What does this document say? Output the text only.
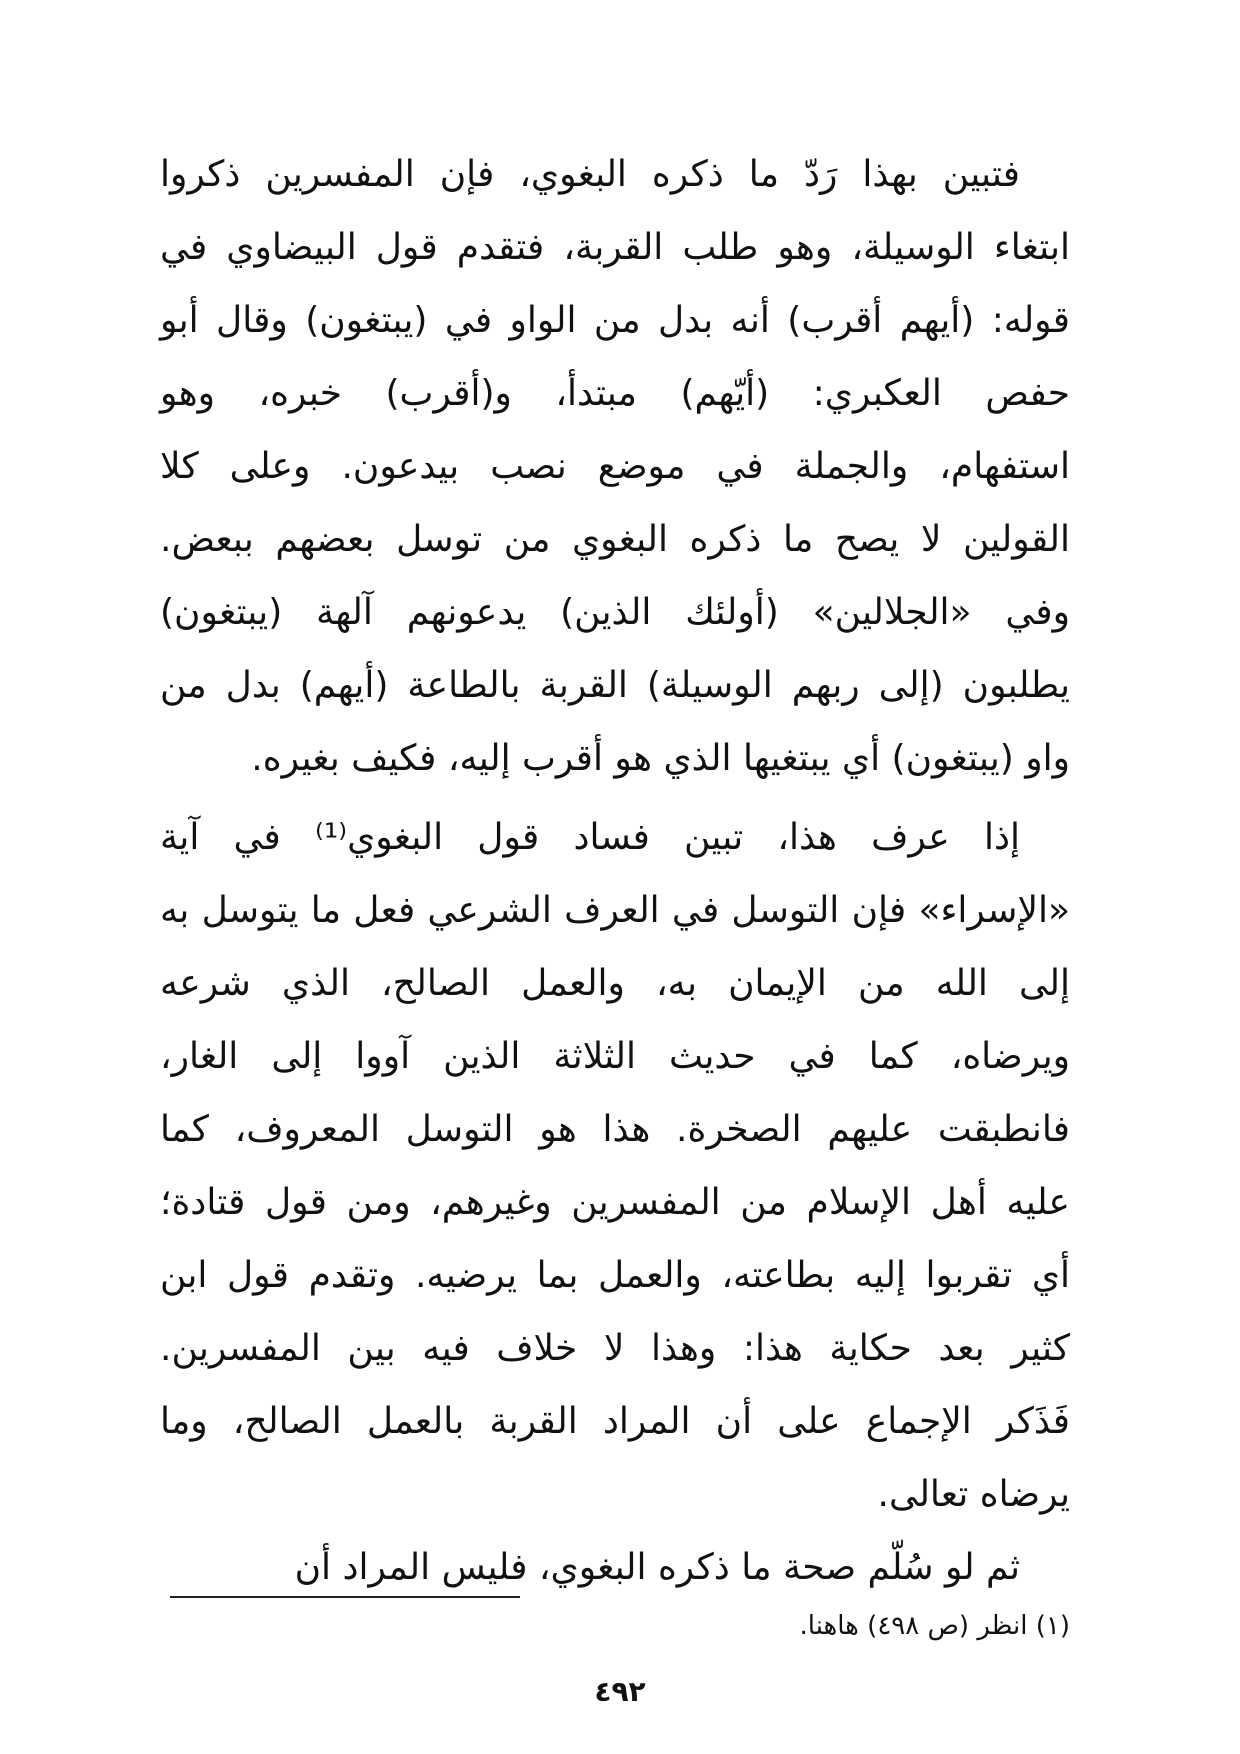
فتبين بهذا رَدّ ما ذكره البغوي، فإن المفسرين ذكروا
ابتغاء الوسيلة، وهو طلب القربة، فتقدم قول البيضاوي في
قوله: (أيهم أقرب) أنه بدل من الواو في (يبتغون) وقال أبو
حفص العكبري: (أيّهم) مبتدأ، و(أقرب) خبره، وهو
استفهام، والجملة في موضع نصب بيدعون. وعلى كلا
القولين لا يصح ما ذكره البغوي من توسل بعضهم ببعض.
وفي «الجلالين» (أولئك الذين) يدعونهم آلهة (يبتغون)
يطلبون (إلى ربهم الوسيلة) القربة بالطاعة (أيهم) بدل من
واو (يبتغون) أي يبتغيها الذي هو أقرب إليه، فكيف بغيره.

إذا عرف هذا، تبين فساد قول البغوي⁽¹⁾ في آية
«الإسراء» فإن التوسل في العرف الشرعي فعل ما يتوسل به
إلى الله من الإيمان به، والعمل الصالح، الذي شرعه
ويرضاه، كما في حديث الثلاثة الذين آووا إلى الغار،
فانطبقت عليهم الصخرة. هذا هو التوسل المعروف، كما
عليه أهل الإسلام من المفسرين وغيرهم، ومن قول قتادة؛
أي تقربوا إليه بطاعته، والعمل بما يرضيه. وتقدم قول ابن
كثير بعد حكاية هذا: وهذا لا خلاف فيه بين المفسرين.
فَذَكر الإجماع على أن المراد القربة بالعمل الصالح، وما
يرضاه تعالى.

ثم لو سُلّم صحة ما ذكره البغوي، فليس المراد أن

(١) انظر (ص ٤٩٨) هاهنا.
٤٩٢
